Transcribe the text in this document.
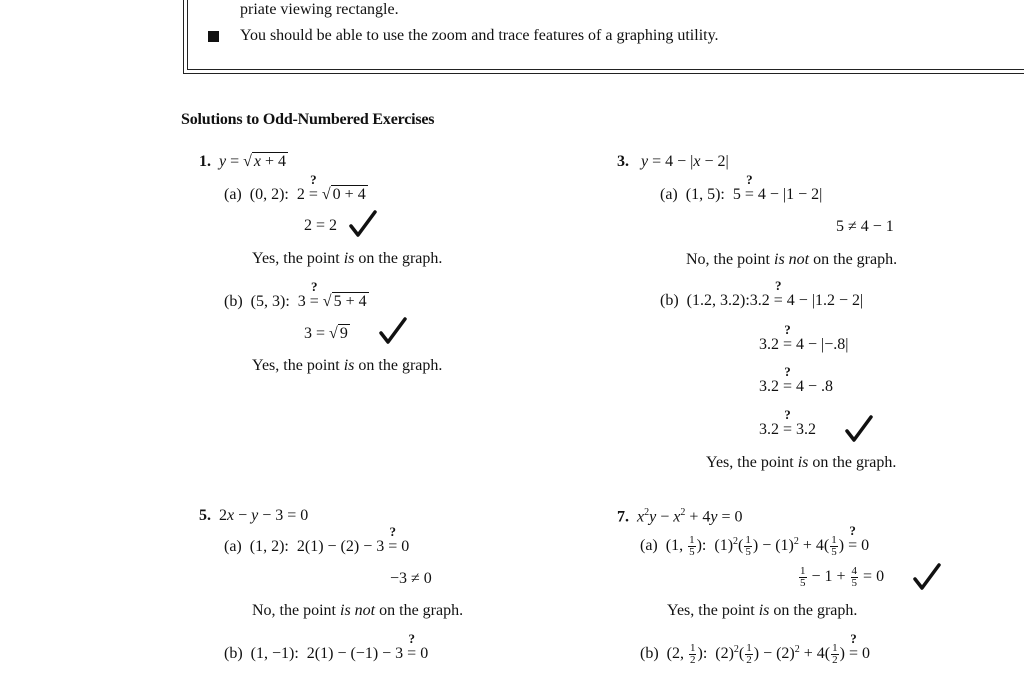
priate viewing rectangle.
You should be able to use the zoom and trace features of a graphing utility.
Solutions to Odd-Numbered Exercises
1. y = √ x + 4
(a)  (0, 2):  2 =
?
√ 0 + 4
2 = 2
Yes, the point is on the graph.
(b)  (5, 3):  3 =
?
√ 5 + 4
3 = √ 9
Yes, the point is on the graph.
3. y = 4 − |x − 2|
(a)  (1, 5):  5 =
?
4 − |1 − 2|
5 ≠ 4 − 1
No, the point is not on the graph.
(b)  (1.2, 3.2):3.2 =
?
4 − |1.2 − 2|
3.2 =
?
4 − |−.8|
3.2 =
?
4 − .8
3.2 =
?
3.2
Yes, the point is on the graph.
5.  2x − y − 3 = 0
(a)  (1, 2):  2(1) − (2) − 3 =
?
0
−3 ≠ 0
No, the point is not on the graph.
(b)  (1, −1):  2(1) − (−1) − 3 =
?
0
7. $x^2y - x^2 + 4y = 0$
(a)  (1, $\frac{1}{5}$ ):  $(1)^2( \frac{1}{5}$ ) − $(1)^2 + 4( \frac{1}{5}$ ) =
?
0
$\frac{1}{5} - 1 + \frac{4}{5} = 0$
Yes, the point is on the graph.
(b)  (2, $\frac{1}{2}$ ):  $(2)^2( \frac{1}{2}$ ) − $(2)^2 + 4( \frac{1}{2}$ ) =
?
0
